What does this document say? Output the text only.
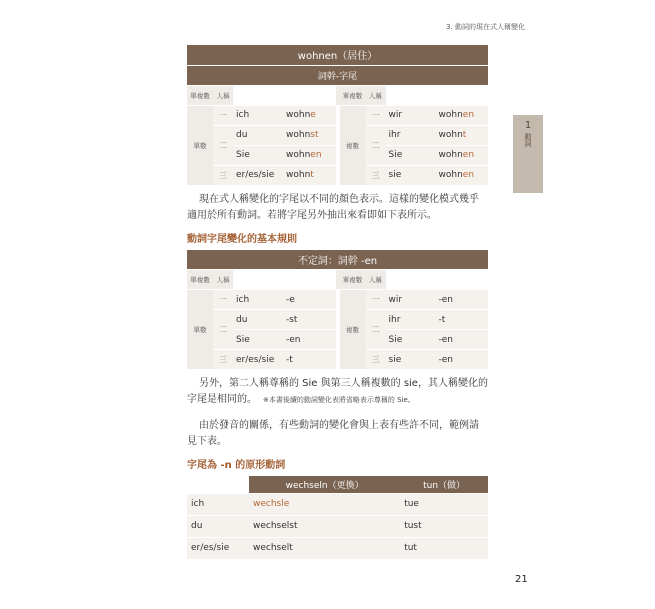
3. 動詞的現在式人稱變化
1
動詞
wohnen（居住）								
詞幹-字尾								
單複數	人稱				單複數	人稱		
單數	一	ich	wohne		複數	一	wir	wohnen
	二	du	wohnst			二	ihr	wohnt
		Sie	wohnen				Sie	wohnen
	三	er/es/sie	wohnt			三	sie	wohnen

現在式人稱變化的字尾以不同的顏色表示。這樣的變化模式幾乎適用於所有動詞。若將字尾另外抽出來看即如下表所示。

動詞字尾變化的基本規則
不定詞：詞幹 -en								
單複數	人稱				單複數	人稱		
單數	一	ich	-e		複數	一	wir	-en
	二	du	-st			二	ihr	-t
		Sie	-en				Sie	-en
	三	er/es/sie	-t			三	sie	-en

另外，第二人稱尊稱的 Sie 與第三人稱複數的 sie，其人稱變化的字尾是相同的。 ※本書後續的動詞變化表將省略表示尊稱的 Sie。

由於發音的關係，有些動詞的變化會與上表有些許不同，範例請見下表。

字尾為 -n 的原形動詞
	wechseln（更換）	tun（做）
ich	wechsle	tue
du	wechselst	tust
er/es/sie	wechselt	tut
21
